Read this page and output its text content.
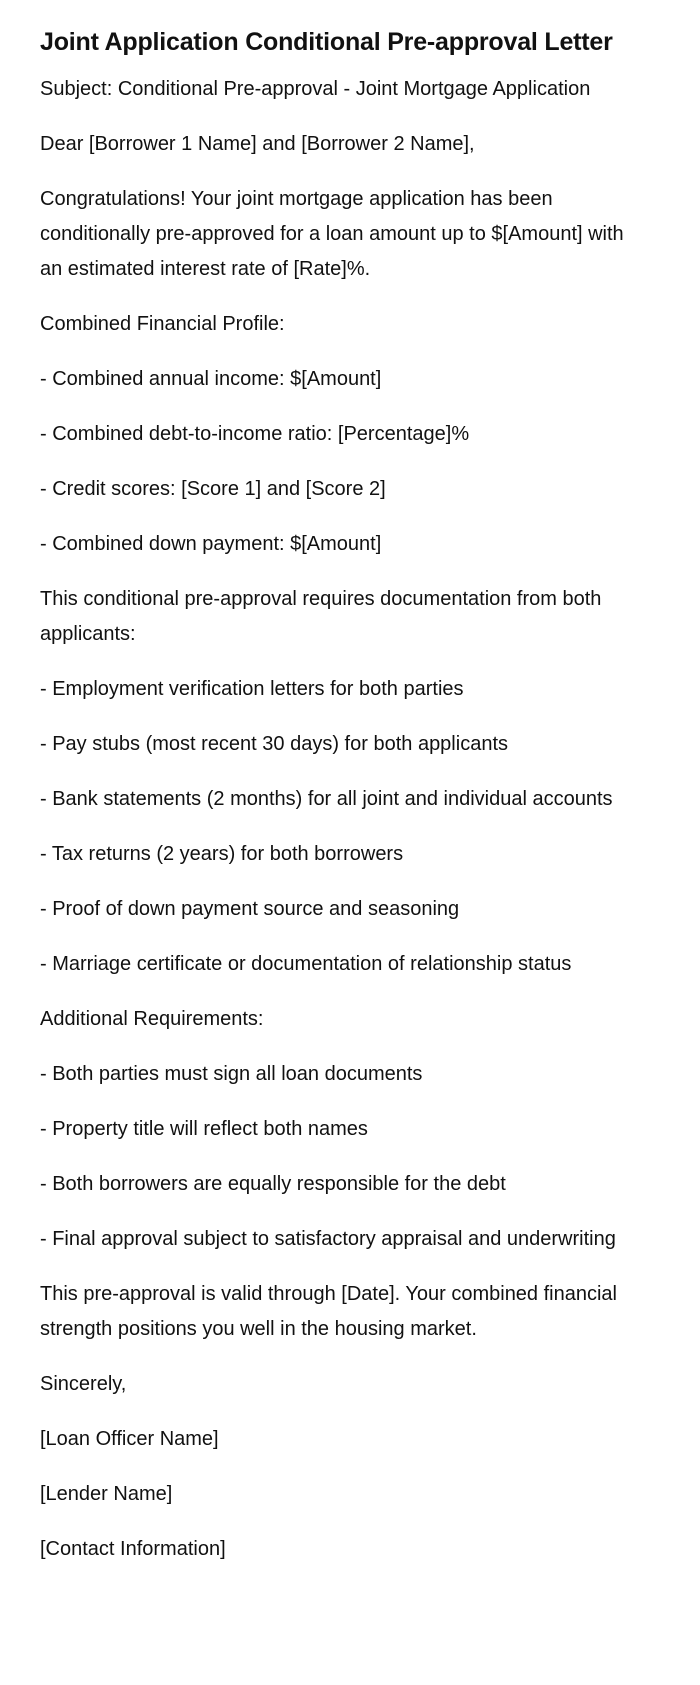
Joint Application Conditional Pre-approval Letter

Subject: Conditional Pre-approval - Joint Mortgage Application

Dear [Borrower 1 Name] and [Borrower 2 Name],

Congratulations! Your joint mortgage application has been conditionally pre-approved for a loan amount up to $[Amount] with an estimated interest rate of [Rate]%.

Combined Financial Profile:

- Combined annual income: $[Amount]

- Combined debt-to-income ratio: [Percentage]%

- Credit scores: [Score 1] and [Score 2]

- Combined down payment: $[Amount]

This conditional pre-approval requires documentation from both applicants:

- Employment verification letters for both parties

- Pay stubs (most recent 30 days) for both applicants

- Bank statements (2 months) for all joint and individual accounts

- Tax returns (2 years) for both borrowers

- Proof of down payment source and seasoning

- Marriage certificate or documentation of relationship status

Additional Requirements:

- Both parties must sign all loan documents

- Property title will reflect both names

- Both borrowers are equally responsible for the debt

- Final approval subject to satisfactory appraisal and underwriting

This pre-approval is valid through [Date]. Your combined financial strength positions you well in the housing market.

Sincerely,

[Loan Officer Name]

[Lender Name]

[Contact Information]
